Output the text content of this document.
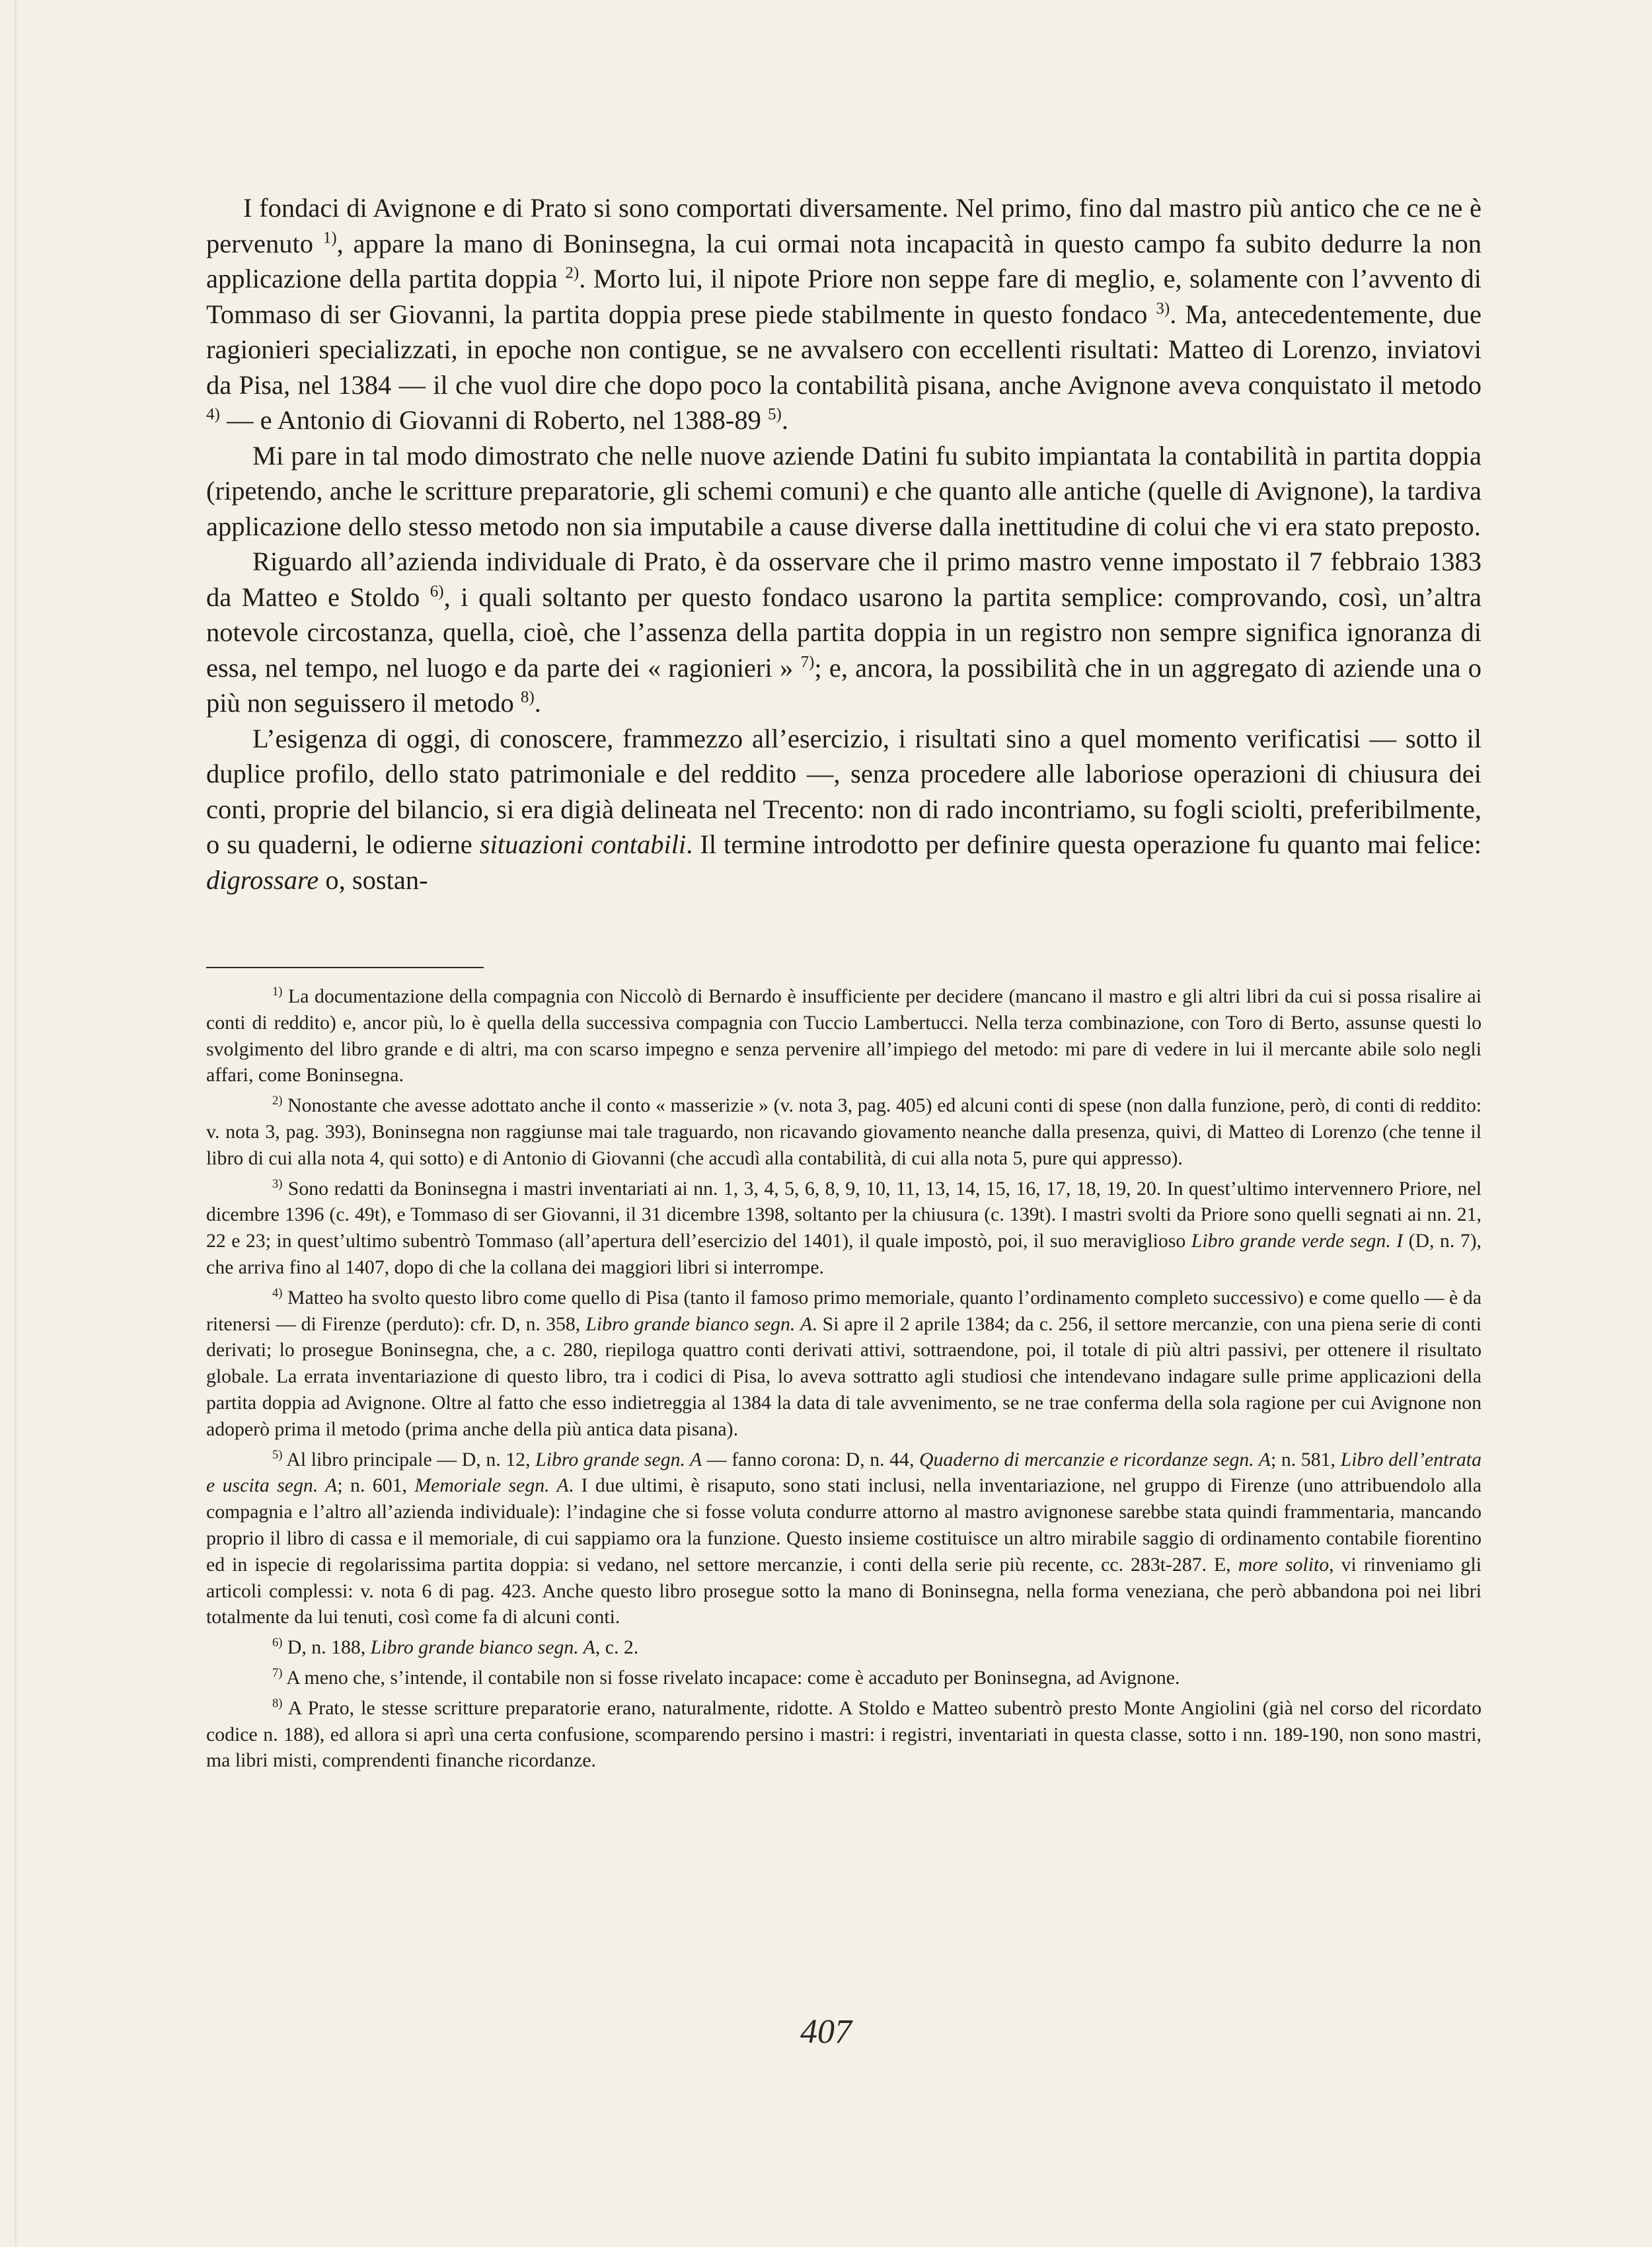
I fondaci di Avignone e di Prato si sono comportati diversamente. Nel primo, fino dal mastro più antico che ce ne è pervenuto $^{1)}$, appare la mano di Boninsegna, la cui ormai nota incapacità in questo campo fa subito dedurre la non applicazione della partita doppia $^{2)}$. Morto lui, il nipote Priore non seppe fare di meglio, e, solamente con l’avvento di Tommaso di ser Giovanni, la partita doppia prese piede stabilmente in questo fondaco $^{3)}$. Ma, antecedentemente, due ragionieri specializzati, in epoche non contigue, se ne avvalsero con eccellenti risultati: Matteo di Lorenzo, inviatovi da Pisa, nel 1384 — il che vuol dire che dopo poco la contabilità pisana, anche Avignone aveva conquistato il metodo $^{4)}$ — e Antonio di Giovanni di Roberto, nel 1388-89 $^{5)}$.

Mi pare in tal modo dimostrato che nelle nuove aziende Datini fu subito impiantata la contabilità in partita doppia (ripetendo, anche le scritture preparatorie, gli schemi comuni) e che quanto alle antiche (quelle di Avignone), la tardiva applicazione dello stesso metodo non sia imputabile a cause diverse dalla inettitudine di colui che vi era stato preposto.

Riguardo all’azienda individuale di Prato, è da osservare che il primo mastro venne impostato il 7 febbraio 1383 da Matteo e Stoldo $^{6)}$, i quali soltanto per questo fondaco usarono la partita semplice: comprovando, così, un’altra notevole circostanza, quella, cioè, che l’assenza della partita doppia in un registro non sempre significa ignoranza di essa, nel tempo, nel luogo e da parte dei « ragionieri » $^{7)}$; e, ancora, la possibilità che in un aggregato di aziende una o più non seguissero il metodo $^{8)}$.

L’esigenza di oggi, di conoscere, frammezzo all’esercizio, i risultati sino a quel momento verificatisi — sotto il duplice profilo, dello stato patrimoniale e del reddito —, senza procedere alle laboriose operazioni di chiusura dei conti, proprie del bilancio, si era digià delineata nel Trecento: non di rado incontriamo, su fogli sciolti, preferibilmente, o su quaderni, le odierne situazioni contabili. Il termine introdotto per definire questa operazione fu quanto mai felice: digrossare o, sostan-

$^{1)}$ La documentazione della compagnia con Niccolò di Bernardo è insufficiente per decidere (mancano il mastro e gli altri libri da cui si possa risalire ai conti di reddito) e, ancor più, lo è quella della successiva compagnia con Tuccio Lambertucci. Nella terza combinazione, con Toro di Berto, assunse questi lo svolgimento del libro grande e di altri, ma con scarso impegno e senza pervenire all’impiego del metodo: mi pare di vedere in lui il mercante abile solo negli affari, come Boninsegna.

$^{2)}$ Nonostante che avesse adottato anche il conto « masserizie » (v. nota 3, pag. 405) ed alcuni conti di spese (non dalla funzione, però, di conti di reddito: v. nota 3, pag. 393), Boninsegna non raggiunse mai tale traguardo, non ricavando giovamento neanche dalla presenza, quivi, di Matteo di Lorenzo (che tenne il libro di cui alla nota 4, qui sotto) e di Antonio di Giovanni (che accudì alla contabilità, di cui alla nota 5, pure qui appresso).

$^{3)}$ Sono redatti da Boninsegna i mastri inventariati ai nn. 1, 3, 4, 5, 6, 8, 9, 10, 11, 13, 14, 15, 16, 17, 18, 19, 20. In quest’ultimo intervennero Priore, nel dicembre 1396 (c. 49t), e Tommaso di ser Giovanni, il 31 dicembre 1398, soltanto per la chiusura (c. 139t). I mastri svolti da Priore sono quelli segnati ai nn. 21, 22 e 23; in quest’ultimo subentrò Tommaso (all’apertura dell’esercizio del 1401), il quale impostò, poi, il suo meraviglioso Libro grande verde segn. I (D, n. 7), che arriva fino al 1407, dopo di che la collana dei maggiori libri si interrompe.

$^{4)}$ Matteo ha svolto questo libro come quello di Pisa (tanto il famoso primo memoriale, quanto l’ordinamento completo successivo) e come quello — è da ritenersi — di Firenze (perduto): cfr. D, n. 358, Libro grande bianco segn. A. Si apre il 2 aprile 1384; da c. 256, il settore mercanzie, con una piena serie di conti derivati; lo prosegue Boninsegna, che, a c. 280, riepiloga quattro conti derivati attivi, sottraendone, poi, il totale di più altri passivi, per ottenere il risultato globale. La errata inventariazione di questo libro, tra i codici di Pisa, lo aveva sottratto agli studiosi che intendevano indagare sulle prime applicazioni della partita doppia ad Avignone. Oltre al fatto che esso indietreggia al 1384 la data di tale avvenimento, se ne trae conferma della sola ragione per cui Avignone non adoperò prima il metodo (prima anche della più antica data pisana).

$^{5)}$ Al libro principale — D, n. 12, Libro grande segn. A — fanno corona: D, n. 44, Quaderno di mercanzie e ricordanze segn. A; n. 581, Libro dell’entrata e uscita segn. A; n. 601, Memoriale segn. A. I due ultimi, è risaputo, sono stati inclusi, nella inventariazione, nel gruppo di Firenze (uno attribuendolo alla compagnia e l’altro all’azienda individuale): l’indagine che si fosse voluta condurre attorno al mastro avignonese sarebbe stata quindi frammentaria, mancando proprio il libro di cassa e il memoriale, di cui sappiamo ora la funzione. Questo insieme costituisce un altro mirabile saggio di ordinamento contabile fiorentino ed in ispecie di regolarissima partita doppia: si vedano, nel settore mercanzie, i conti della serie più recente, cc. 283t-287. E, more solito, vi rinveniamo gli articoli complessi: v. nota 6 di pag. 423. Anche questo libro prosegue sotto la mano di Boninsegna, nella forma veneziana, che però abbandona poi nei libri totalmente da lui tenuti, così come fa di alcuni conti.

$^{6)}$ D, n. 188, Libro grande bianco segn. A, c. 2.

$^{7)}$ A meno che, s’intende, il contabile non si fosse rivelato incapace: come è accaduto per Boninsegna, ad Avignone.

$^{8)}$ A Prato, le stesse scritture preparatorie erano, naturalmente, ridotte. A Stoldo e Matteo subentrò presto Monte Angiolini (già nel corso del ricordato codice n. 188), ed allora si aprì una certa confusione, scomparendo persino i mastri: i registri, inventariati in questa classe, sotto i nn. 189-190, non sono mastri, ma libri misti, comprendenti finanche ricordanze.

407
